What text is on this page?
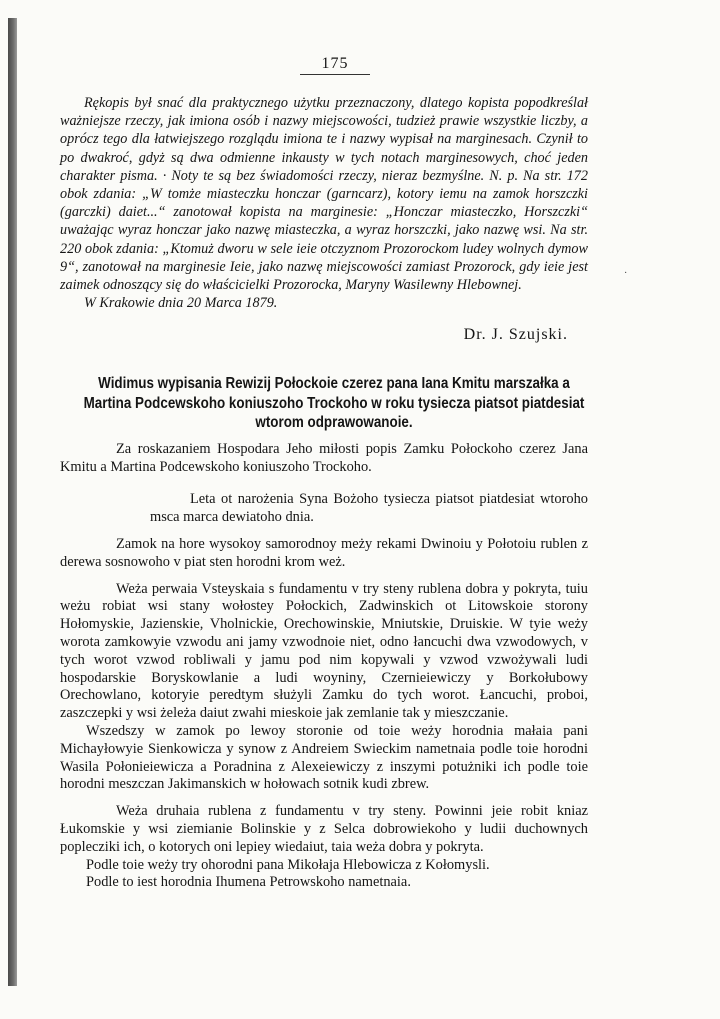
175

Rękopis był snać dla praktycznego użytku przeznaczony, dlatego kopista popodkreślał ważniejsze rzeczy, jak imiona osób i nazwy miejscowości, tudzież prawie wszystkie liczby, a oprócz tego dla łatwiejszego rozglądu imiona te i nazwy wypisał na marginesach. Czynił to po dwakroć, gdyż są dwa odmienne inkausty w tych notach marginesowych, choć jeden charakter pisma. · Noty te są bez świadomości rzeczy, nieraz bezmyślne. N. p. Na str. 172 obok zdania: „W tomże miasteczku honczar (garncarz), kotory iemu na zamok horszczki (garczki) daiet...“ zanotował kopista na marginesie: „Honczar miasteczko, Horszczki“ uważając wyraz honczar jako nazwę miasteczka, a wyraz horszczki, jako nazwę wsi. Na str. 220 obok zdania: „Ktomuż dworu w sele ieie otczyznom Prozorockom ludey wolnych dymow 9“, zanotował na marginesie Ieie, jako nazwę miejscowości zamiast Prozorock, gdy ieie jest zaimek odnoszący się do właścicielki Prozorocka, Maryny Wasilewny Hlebownej.

W Krakowie dnia 20 Marca 1879.

Dr. J. Szujski.
Widimus wypisania Rewizij Połockoie czerez pana Iana Kmitu marszałka a Martina Podcewskoho koniuszoho Trockoho w roku tysiecza piatsot piatdesiat wtorom odprawowanoie.

Za roskazaniem Hospodara Jeho miłosti popis Zamku Połockoho czerez Jana Kmitu a Martina Podcewskoho koniuszoho Trockoho.

Leta ot narożenia Syna Bożoho tysiecza piatsot piatdesiat wtoroho msca marca dewiatoho dnia.

Zamok na hore wysokoy samorodnoy meży rekami Dwinoiu y Połotoiu rublen z derewa sosnowoho v piat sten horodni krom weż.

Weża perwaia Vsteyskaia s fundamentu v try steny rublena dobra y pokryta, tuiu weżu robiat wsi stany wołostey Połockich, Zadwinskich ot Litowskoie storony Hołomyskie, Jazienskie, Vholnickie, Orechowinskie, Mniutskie, Druiskie. W tyie weży worota zamkowyie vzwodu ani jamy vzwodnoie niet, odno łancuchi dwa vzwodowych, v tych worot vzwod robliwali y jamu pod nim kopywali y vzwod vzwożywali ludi hospodarskie Boryskowlanie a ludi woyniny, Czernieiewiczy y Borkołubowy Orechowlano, kotoryie peredtym służyli Zamku do tych worot. Łancuchi, proboi, zaszczepki y wsi żeleża daiut zwahi mieskoie jak zemlanie tak y mieszczanie.

Wszedszy w zamok po lewoy storonie od toie weży horodnia małaia pani Michayłowyie Sienkowicza y synow z Andreiem Swieckim nametnaia podle toie horodni Wasila Połonieiewicza a Poradnina z Alexeiewiczy z inszymi potużniki ich podle toie horodni meszczan Jakimanskich w hołowach sotnik kudi zbrew.

Weża druhaia rublena z fundamentu v try steny. Powinni jeie robit kniaz Łukomskie y wsi ziemianie Bolinskie y z Selca dobrowiekoho y ludii duchownych poplecziki ich, o kotorych oni lepiey wiedaiut, taia weża dobra y pokryta.

Podle toie weży try ohorodni pana Mikołaja Hlebowicza z Kołomysli.

Podle to iest horodnia Ihumena Petrowskoho nametnaia.

·
